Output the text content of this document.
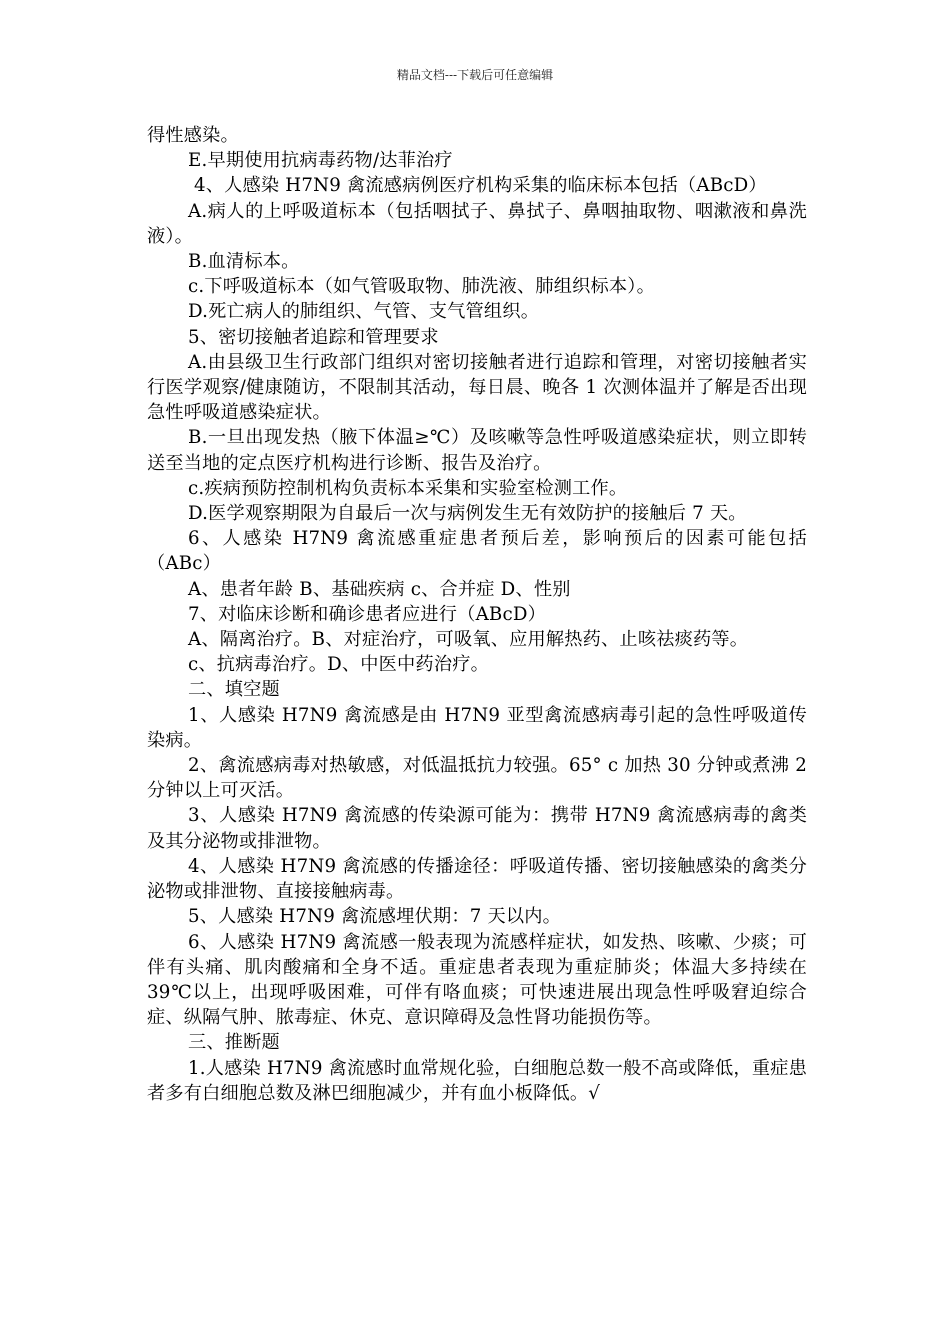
精品文档---下载后可任意编辑

得性感染。

E.早期使用抗病毒药物/达菲治疗

4、人感染 H7N9 禽流感病例医疗机构采集的临床标本包括（ABcD）

A.病人的上呼吸道标本（包括咽拭子、鼻拭子、鼻咽抽取物、咽漱液和鼻洗液）。

B.血清标本。

c.下呼吸道标本（如气管吸取物、肺洗液、肺组织标本）。

D.死亡病人的肺组织、气管、支气管组织。

5、密切接触者追踪和管理要求

A.由县级卫生行政部门组织对密切接触者进行追踪和管理，对密切接触者实行医学观察/健康随访，不限制其活动，每日晨、晚各 1 次测体温并了解是否出现急性呼吸道感染症状。

B.一旦出现发热（腋下体温≥℃）及咳嗽等急性呼吸道感染症状，则立即转送至当地的定点医疗机构进行诊断、报告及治疗。

c.疾病预防控制机构负责标本采集和实验室检测工作。

D.医学观察期限为自最后一次与病例发生无有效防护的接触后 7 天。

6、人感染 H7N9 禽流感重症患者预后差，影响预后的因素可能包括（ABc）

A、患者年龄 B、基础疾病 c、合并症 D、性别

7、对临床诊断和确诊患者应进行（ABcD）

A、隔离治疗。B、对症治疗，可吸氧、应用解热药、止咳祛痰药等。

c、抗病毒治疗。D、中医中药治疗。

二、填空题

1、人感染 H7N9 禽流感是由 H7N9 亚型禽流感病毒引起的急性呼吸道传染病。

2、禽流感病毒对热敏感，对低温抵抗力较强。65° c 加热 30 分钟或煮沸 2 分钟以上可灭活。

3、人感染 H7N9 禽流感的传染源可能为：携带 H7N9 禽流感病毒的禽类及其分泌物或排泄物。

4、人感染 H7N9 禽流感的传播途径：呼吸道传播、密切接触感染的禽类分泌物或排泄物、直接接触病毒。

5、人感染 H7N9 禽流感埋伏期：7 天以内。

6、人感染 H7N9 禽流感一般表现为流感样症状，如发热、咳嗽、少痰；可伴有头痛、肌肉酸痛和全身不适。重症患者表现为重症肺炎；体温大多持续在 39℃以上，出现呼吸困难，可伴有咯血痰；可快速进展出现急性呼吸窘迫综合症、纵隔气肿、脓毒症、休克、意识障碍及急性肾功能损伤等。

三、推断题

1.人感染 H7N9 禽流感时血常规化验，白细胞总数一般不高或降低，重症患者多有白细胞总数及淋巴细胞减少，并有血小板降低。√
